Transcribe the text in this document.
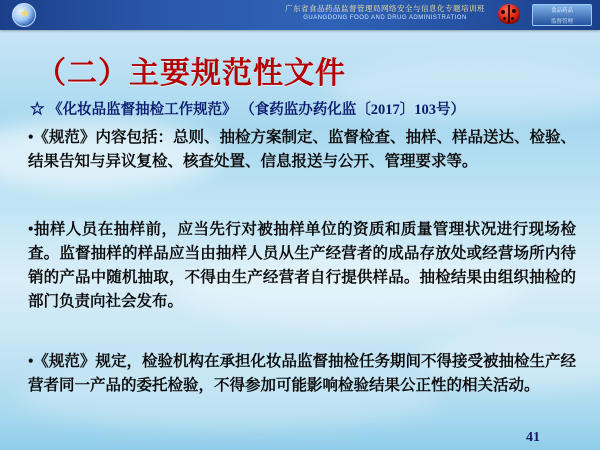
★	广东省食品药品监督管理局网络安全与信息化专题培训班
GUANGDONG FOOD AND DRUG ADMINISTRATION
食品药品
监督管理
（二）主要规范性文件
☆ 《化妆品监督抽检工作规范》 （食药监办药化监〔2017〕103号）
•《规范》内容包括：总则、抽检方案制定、监督检查、抽样、样品送达、检验、结果告知与异议复检、核查处置、信息报送与公开、管理要求等。
•抽样人员在抽样前，应当先行对被抽样单位的资质和质量管理状况进行现场检查。监督抽样的样品应当由抽样人员从生产经营者的成品存放处或经营场所内待销的产品中随机抽取，不得由生产经营者自行提供样品。抽检结果由组织抽检的部门负责向社会发布。
•《规范》规定，检验机构在承担化妆品监督抽检任务期间不得接受被抽检生产经营者同一产品的委托检验，不得参加可能影响检验结果公正性的相关活动。
41
